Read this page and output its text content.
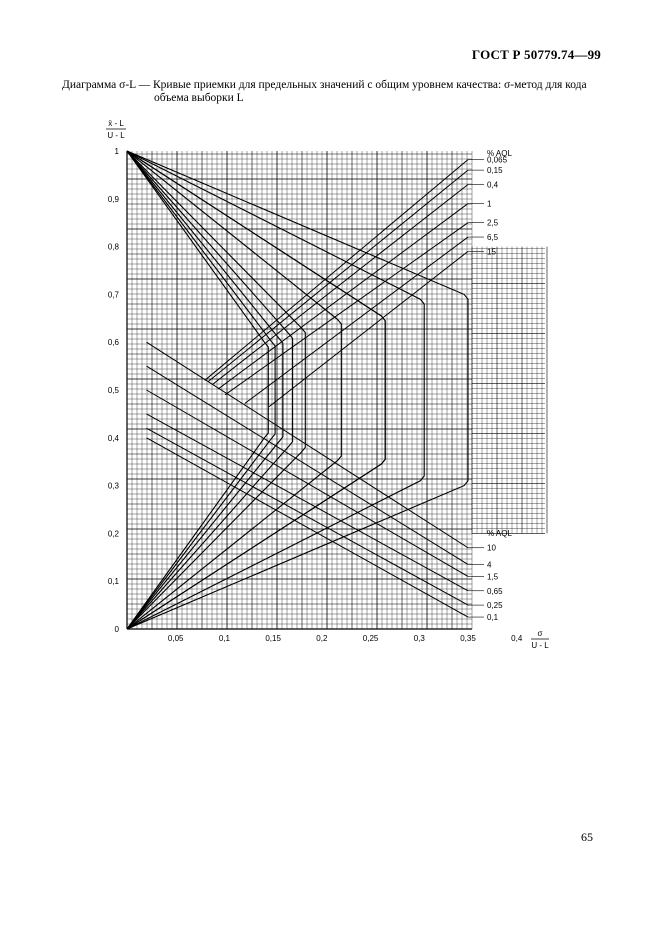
ГОСТ Р 50779.74—99
Диаграмма σ-L — Кривые приемки для предельных значений с общим уровнем качества: σ-метод для кода
объема выборки L
0,05	0,1	0,15	0,2	0,25	0,3	0,35	0,4
0
0,1
0,2
0,3
0,4
0,5
0,6
0,7
0,8
0,9
1
x̄ - L
U - L
σ
U - L
0,065
0,15
0,4
1
2,5
6,5
15
% AQL
10
4
1,5
0,65
0,25
0,1
% AQL
65
